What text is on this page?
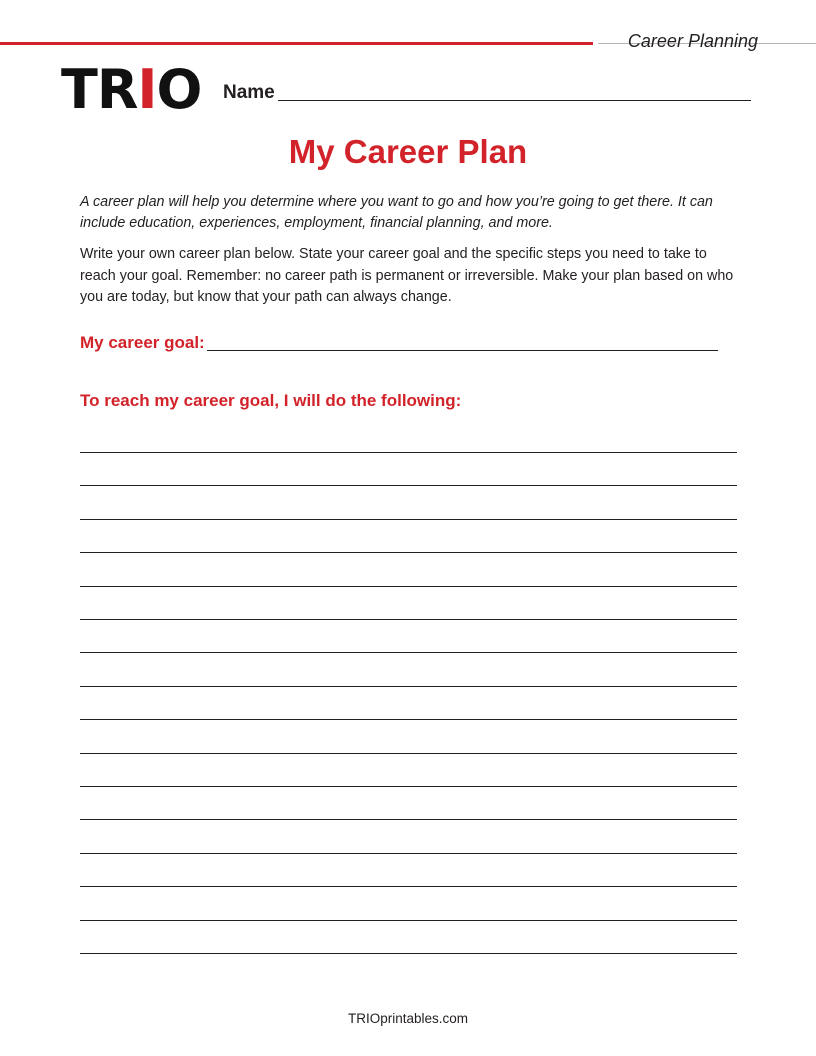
Career Planning
TRIO Name
My Career Plan

A career plan will help you determine where you want to go and how you’re going to get there. It can include education, experiences, employment, financial planning, and more.

Write your own career plan below. State your career goal and the specific steps you need to take to reach your goal. Remember: no career path is permanent or irreversible. Make your plan based on who you are today, but know that your path can always change.

My career goal:
To reach my career goal, I will do the following:
TRIOprintables.com
